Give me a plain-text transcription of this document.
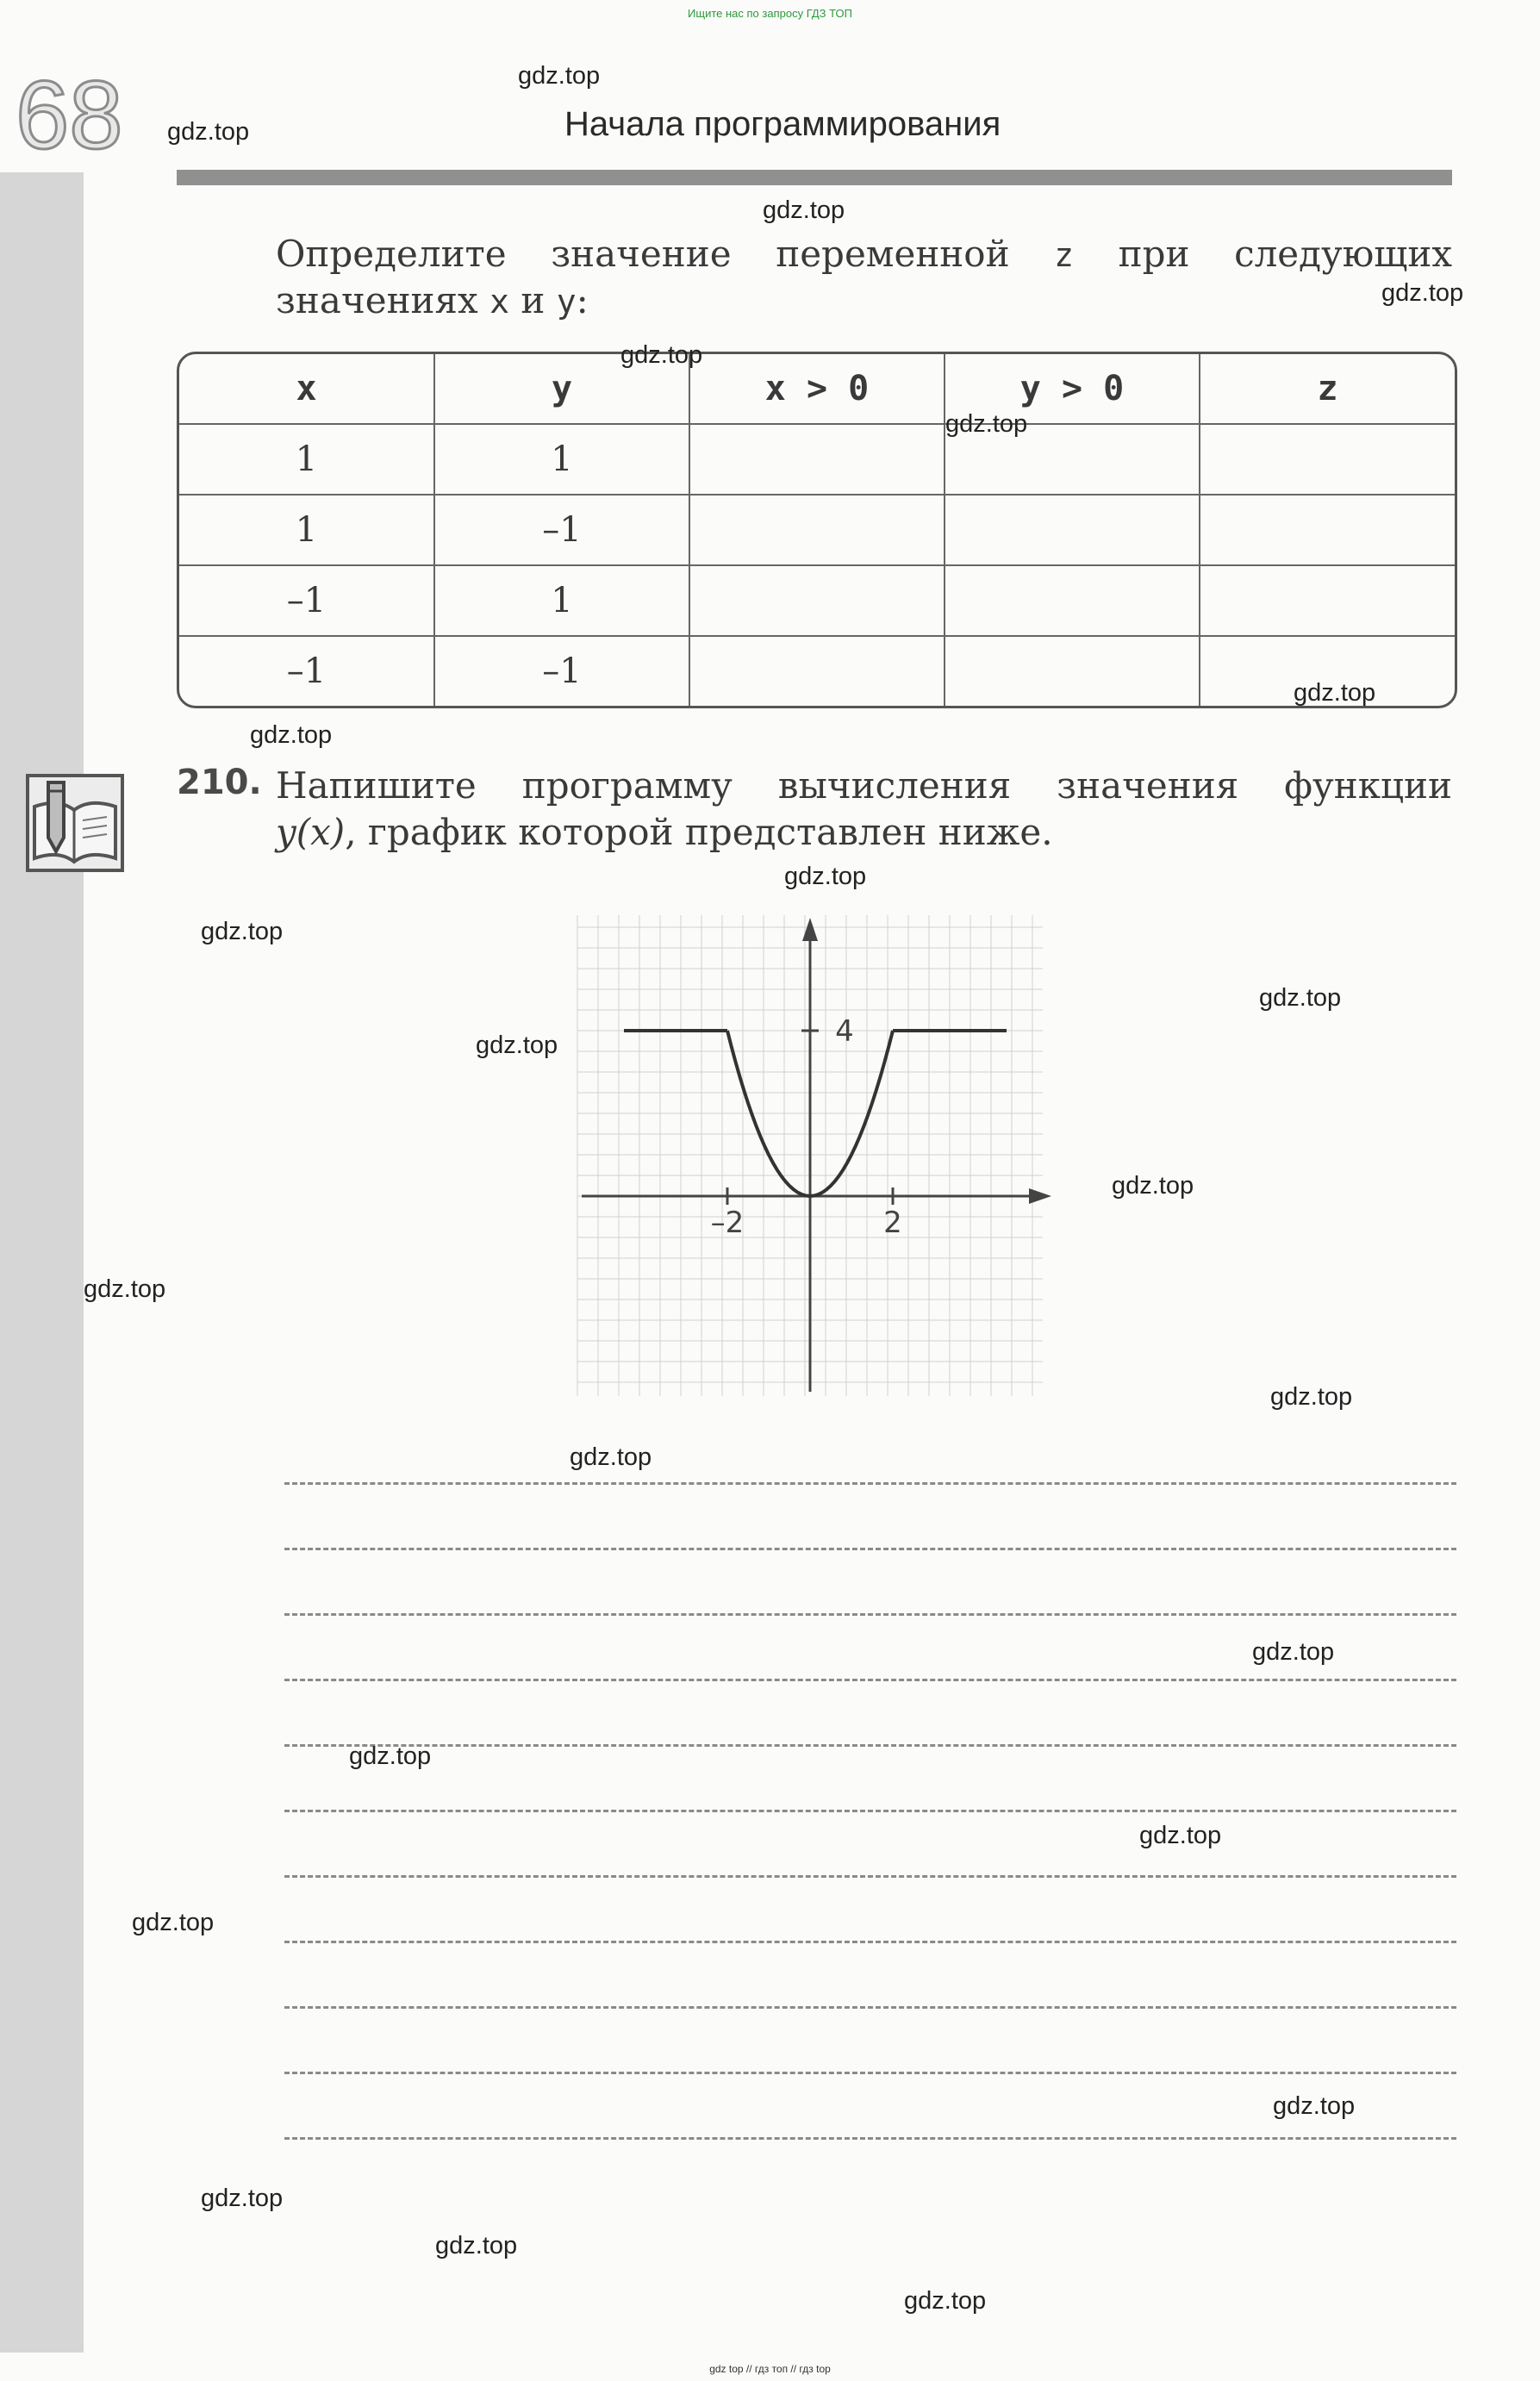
Ищите нас по запросу ГДЗ ТОП
68	Начала программирования
Определите значение переменной z при следующих
значениях x и y:
x	y	x > 0	y > 0	z
1	1			
1	–1			
–1	1			
–1	–1			
210. Напишите программу вычисления значения функции
y(x), график которой представлен ниже.
–2	2
4
gdz.top
gdz.top
gdz.top
gdz.top
gdz.top
gdz.top
gdz.top
gdz.top
gdz.top
gdz.top
gdz.top
gdz.top
gdz.top
gdz.top
gdz.top
gdz.top
gdz.top
gdz.top
gdz.top
gdz.top
gdz.top
gdz.top
gdz.top
gdz.top
gdz top // гдз топ // гдз top
